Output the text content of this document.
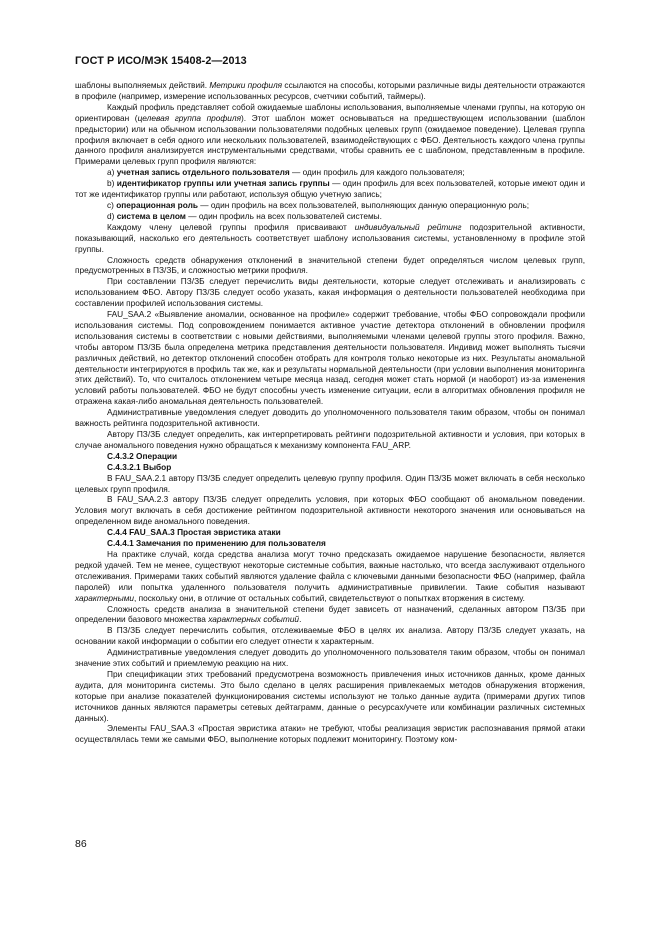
ГОСТ Р ИСО/МЭК 15408-2—2013

шаблоны выполняемых действий. Метрики профиля ссылаются на способы, которыми различные виды деятельности отражаются в профиле (например, измерение использованных ресурсов, счетчики событий, таймеры).

Каждый профиль представляет собой ожидаемые шаблоны использования, выполняемые членами группы, на которую он ориентирован (целевая группа профиля). Этот шаблон может основываться на предшествующем использовании (шаблон предыстории) или на обычном использовании пользователями подобных целевых групп (ожидаемое поведение). Целевая группа профиля включает в себя одного или нескольких пользователей, взаимодействующих с ФБО. Деятельность каждого члена группы данного профиля анализируется инструментальными средствами, чтобы сравнить ее с шаблоном, представленным в профиле. Примерами целевых групп профиля являются:

a) учетная запись отдельного пользователя — один профиль для каждого пользователя;

b) идентификатор группы или учетная запись группы — один профиль для всех пользователей, которые имеют один и тот же идентификатор группы или работают, используя общую учетную запись;

c) операционная роль — один профиль на всех пользователей, выполняющих данную операционную роль;

d) система в целом — один профиль на всех пользователей системы.

Каждому члену целевой группы профиля присваивают индивидуальный рейтинг подозрительной активности, показывающий, насколько его деятельность соответствует шаблону использования системы, установленному в профиле этой группы.

Сложность средств обнаружения отклонений в значительной степени будет определяться числом целевых групп, предусмотренных в ПЗ/ЗБ, и сложностью метрики профиля.

При составлении ПЗ/ЗБ следует перечислить виды деятельности, которые следует отслеживать и анализировать с использованием ФБО. Автору ПЗ/ЗБ следует особо указать, какая информация о деятельности пользователей необходима при составлении профилей использования системы.

FAU_SAA.2 «Выявление аномалии, основанное на профиле» содержит требование, чтобы ФБО сопровождали профили использования системы. Под сопровождением понимается активное участие детектора отклонений в обновлении профиля использования системы в соответствии с новыми действиями, выполняемыми членами целевой группы этого профиля. Важно, чтобы автором ПЗ/ЗБ была определена метрика представления деятельности пользователя. Индивид может выполнять тысячи различных действий, но детектор отклонений способен отобрать для контроля только некоторые из них. Результаты аномальной деятельности интегрируются в профиль так же, как и результаты нормальной деятельности (при условии выполнения мониторинга этих действий). То, что считалось отклонением четыре месяца назад, сегодня может стать нормой (и наоборот) из-за изменения условий работы пользователей. ФБО не будут способны учесть изменение ситуации, если в алгоритмах обновления профиля не отражена какая-либо аномальная деятельность пользователей.

Административные уведомления следует доводить до уполномоченного пользователя таким образом, чтобы он понимал важность рейтинга подозрительной активности.

Автору ПЗ/ЗБ следует определить, как интерпретировать рейтинги подозрительной активности и условия, при которых в случае аномального поведения нужно обращаться к механизму компонента FAU_ARP.

С.4.3.2 Операции

С.4.3.2.1 Выбор

В FAU_SAA.2.1 автору ПЗ/ЗБ следует определить целевую группу профиля. Один ПЗ/ЗБ может включать в себя несколько целевых групп профиля.

В FAU_SAA.2.3 автору ПЗ/ЗБ следует определить условия, при которых ФБО сообщают об аномальном поведении. Условия могут включать в себя достижение рейтингом подозрительной активности некоторого значения или основываться на определенном виде аномального поведения.

С.4.4 FAU_SAA.3 Простая эвристика атаки

С.4.4.1 Замечания по применению для пользователя

На практике случай, когда средства анализа могут точно предсказать ожидаемое нарушение безопасности, является редкой удачей. Тем не менее, существуют некоторые системные события, важные настолько, что всегда заслуживают отдельного отслеживания. Примерами таких событий являются удаление файла с ключевыми данными безопасности ФБО (например, файла паролей) или попытка удаленного пользователя получить административные привилегии. Такие события называют характерными, поскольку они, в отличие от остальных событий, свидетельствуют о попытках вторжения в систему.

Сложность средств анализа в значительной степени будет зависеть от назначений, сделанных автором ПЗ/ЗБ при определении базового множества характерных событий.

В ПЗ/ЗБ следует перечислить события, отслеживаемые ФБО в целях их анализа. Автору ПЗ/ЗБ следует указать, на основании какой информации о событии его следует отнести к характерным.

Административные уведомления следует доводить до уполномоченного пользователя таким образом, чтобы он понимал значение этих событий и приемлемую реакцию на них.

При спецификации этих требований предусмотрена возможность привлечения иных источников данных, кроме данных аудита, для мониторинга системы. Это было сделано в целях расширения привлекаемых методов обнаружения вторжения, которые при анализе показателей функционирования системы используют не только данные аудита (примерами других типов источников данных являются параметры сетевых дейтаграмм, данные о ресурсах/учете или комбинации различных системных данных).

Элементы FAU_SAA.3 «Простая эвристика атаки» не требуют, чтобы реализация эвристик распознавания прямой атаки осуществлялась теми же самыми ФБО, выполнение которых подлежит мониторингу. Поэтому ком-

86
